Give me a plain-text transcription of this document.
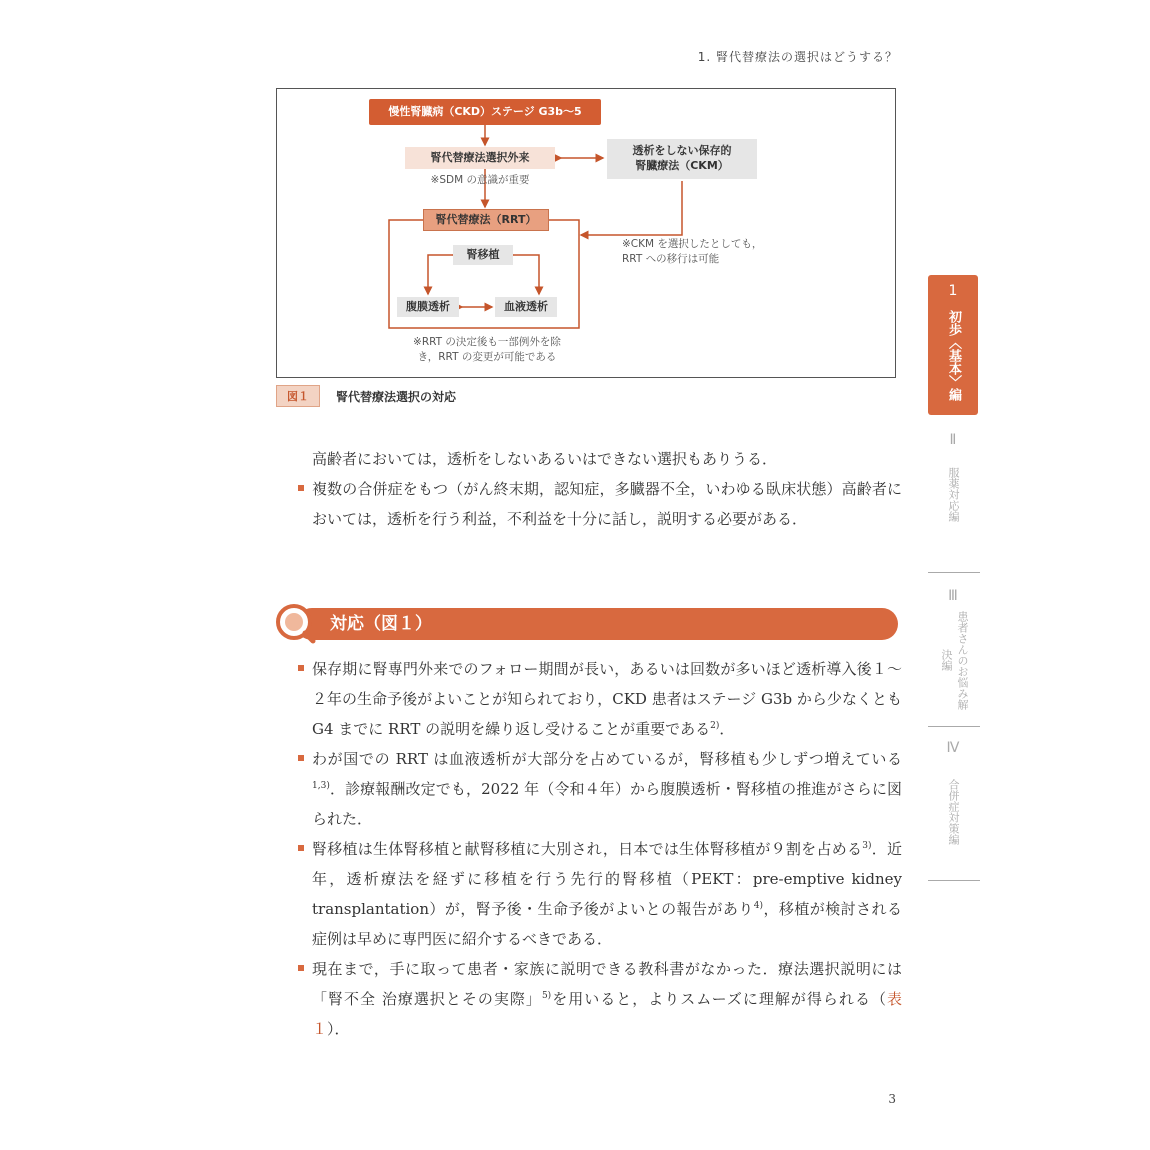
1. 腎代替療法の選択はどうする？
慢性腎臓病（CKD）ステージ G3b〜5
腎代替療法選択外来
※SDM の意識が重要
透析をしない保存的
腎臓療法（CKM）
腎代替療法（RRT）
腎移植
腹膜透析	血液透析
※CKM を選択したとしても，
RRT への移行は可能
※RRT の決定後も一部例外を除
き，RRT の変更が可能である
図１	腎代替療法選択の対応
高齢者においては，透析をしないあるいはできない選択もありうる．
複数の合併症をもつ（がん終末期，認知症，多臓器不全，いわゆる臥床状態）高齢者においては，透析を行う利益，不利益を十分に話し，説明する必要がある．
対応（図１）
保存期に腎専門外来でのフォロー期間が長い，あるいは回数が多いほど透析導入後１〜２年の生命予後がよいことが知られており，CKD 患者はステージ G3b から少なくとも G4 までに RRT の説明を繰り返し受けることが重要である$^{2)}$．
わが国での RRT は血液透析が大部分を占めているが，腎移植も少しずつ増えている$^{1,3)}$．診療報酬改定でも，2022 年（令和４年）から腹膜透析・腎移植の推進がさらに図られた．
腎移植は生体腎移植と献腎移植に大別され，日本では生体腎移植が９割を占める$^{3)}$．近年，透析療法を経ずに移植を行う先行的腎移植（PEKT：pre-emptive kidney transplantation）が，腎予後・生命予後がよいとの報告があり$^{4)}$，移植が検討される症例は早めに専門医に紹介するべきである．
現在まで，手に取って患者・家族に説明できる教科書がなかった．療法選択説明には「腎不全 治療選択とその実際」$^{5)}$を用いると，よりスムーズに理解が得られる（表１）．
1
初歩〈基本〉編
Ⅱ
服薬対応編
Ⅲ
患者さんのお悩み解決編
Ⅳ
合併症対策編
3
